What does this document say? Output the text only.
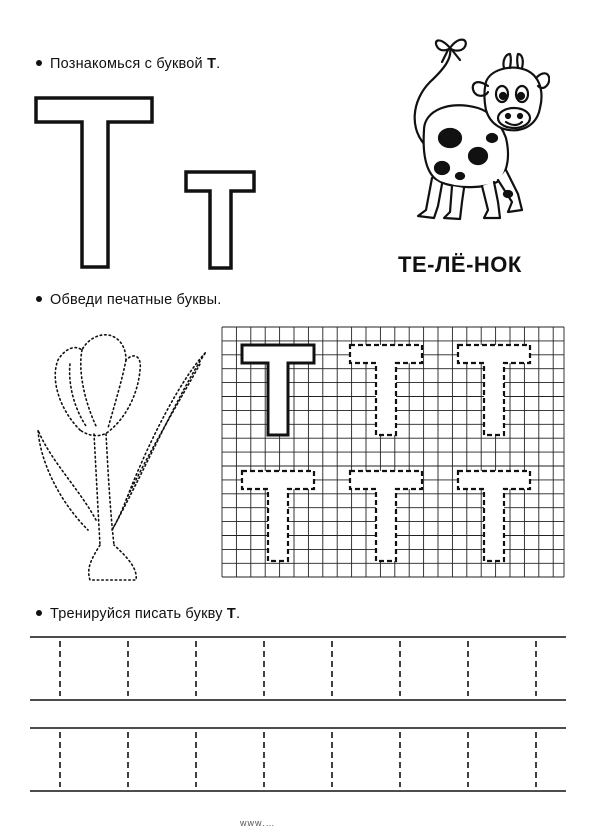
Познакомься с буквой Т.
ТЕ-ЛЁ-НОК
Обведи печатные буквы.
Тренируйся писать букву Т.
www.…
